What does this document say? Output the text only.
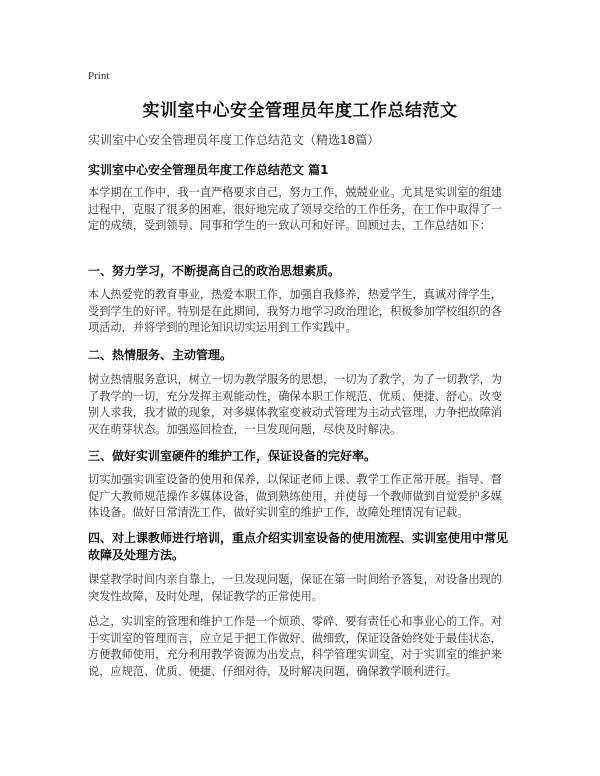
Print
实训室中心安全管理员年度工作总结范文
实训室中心安全管理员年度工作总结范文（精选18篇）
实训室中心安全管理员年度工作总结范文 篇1

本学期在工作中，我一直严格要求自己，努力工作，兢兢业业。尤其是实训室的组建过程中，克服了很多的困难，很好地完成了领导交给的工作任务，在工作中取得了一定的成绩，受到领导、同事和学生的一致认可和好评。回顾过去，工作总结如下：

一、努力学习，不断提高自己的政治思想素质。

本人热爱党的教育事业，热爱本职工作，加强自我修养，热爱学生，真诚对待学生，受到学生的好评。特别是在此期间，我努力地学习政治理论，积极参加学校组织的各项活动，并将学到的理论知识切实运用到工作实践中。

二、热情服务、主动管理。

树立热情服务意识，树立一切为教学服务的思想，一切为了教学，为了一切教学，为了教学的一切，充分发挥主观能动性，确保本职工作规范、优质、便捷、舒心。改变别人求我，我才做的现象，对多媒体教室变被动式管理为主动式管理，力争把故障消灭在萌芽状态。加强巡回检查，一旦发现问题，尽快及时解决。

三、做好实训室硬件的维护工作，保证设备的完好率。

切实加强实训室设备的使用和保养，以保证老师上课、教学工作正常开展。指导、督促广大教师规范操作多媒体设备，做到熟练使用，并使每一个教师做到自觉爱护多媒体设备。做好日常清洗工作，做好实训室的维护工作，故障处理情况有记载。

四、对上课教师进行培训，重点介绍实训室设备的使用流程、实训室使用中常见故障及处理方法。

课堂教学时间内亲自靠上，一旦发现问题，保证在第一时间给予答复，对设备出现的突发性故障，及时处理，保证教学的正常使用。

总之，实训室的管理和维护工作是一个烦琐、零碎、要有责任心和事业心的工作。对于实训室的管理而言，应立足于把工作做好、做细致，保证设备始终处于最佳状态，方便教师使用，充分利用教学资源为出发点，科学管理实训室，对于实训室的维护来说，应规范、优质、便捷、仔细对待，及时解决问题，确保教学顺利进行。
